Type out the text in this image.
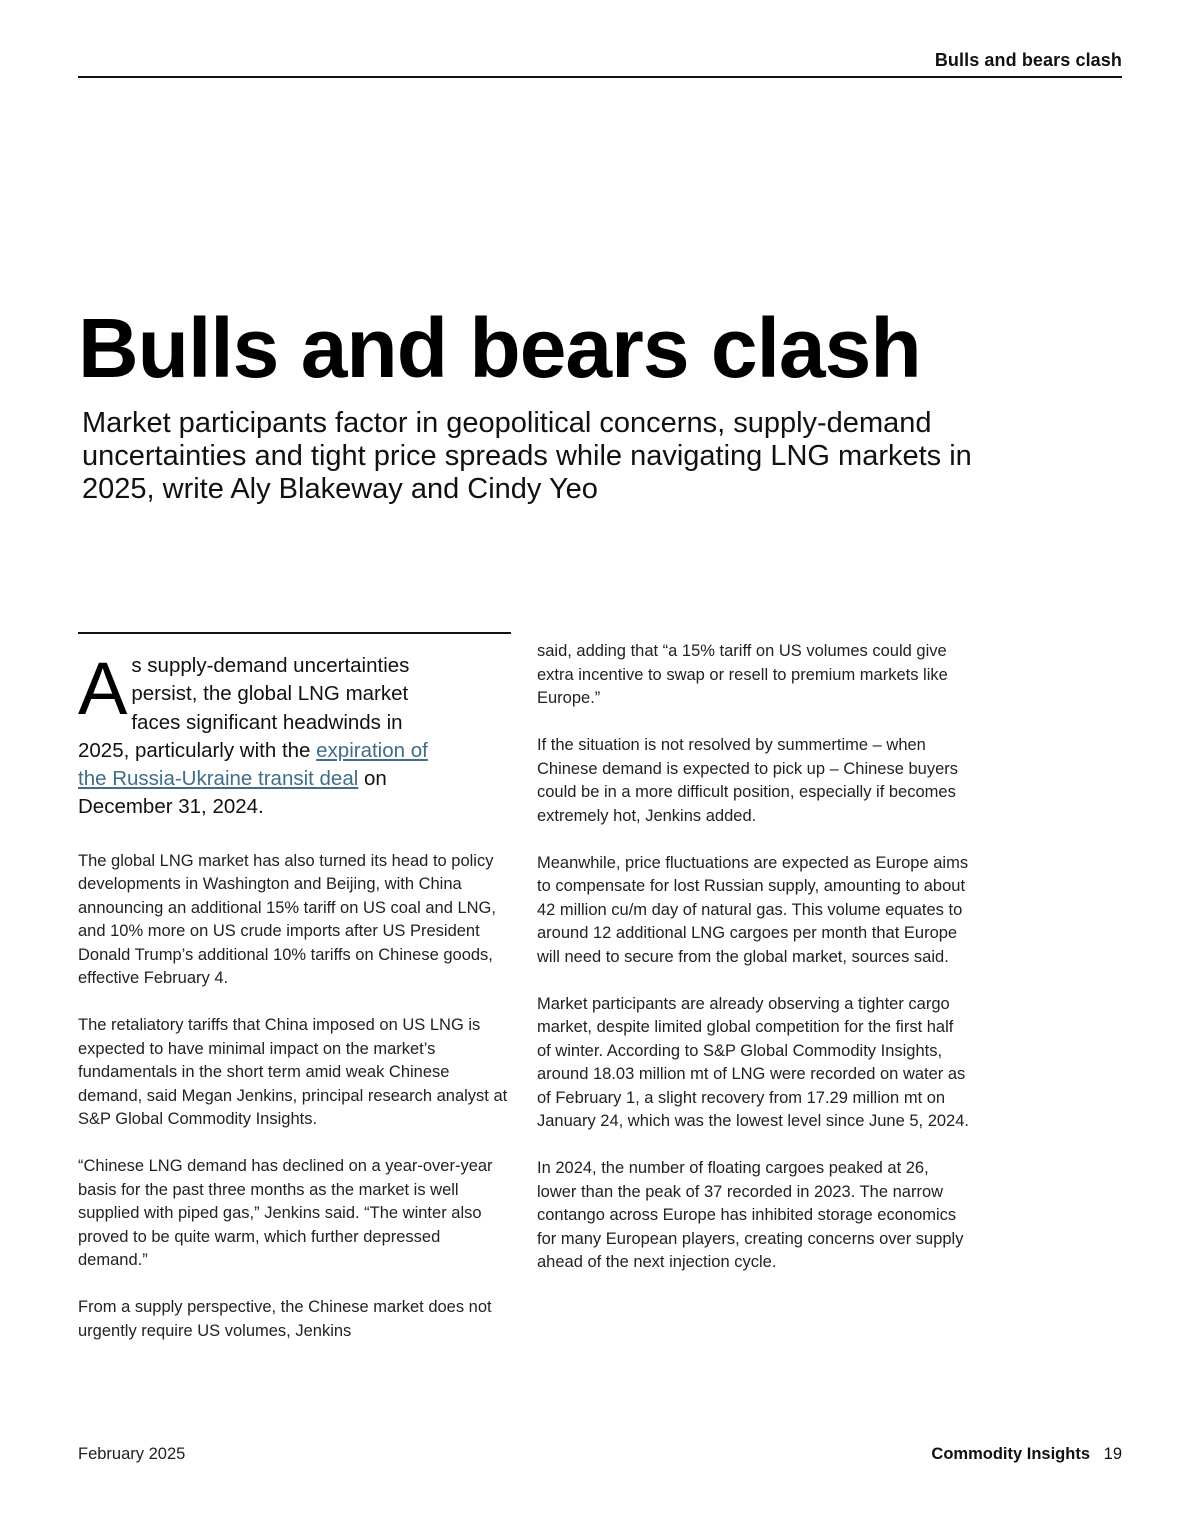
Bulls and bears clash
Bulls and bears clash

Market participants factor in geopolitical concerns, supply-demand uncertainties and tight price spreads while navigating LNG markets in 2025, write Aly Blakeway and Cindy Yeo

As supply-demand uncertainties persist, the global LNG market faces significant headwinds in 2025, particularly with the expiration of the Russia-Ukraine transit deal on December 31, 2024.

The global LNG market has also turned its head to policy developments in Washington and Beijing, with China announcing an additional 15% tariff on US coal and LNG, and 10% more on US crude imports after US President Donald Trump’s additional 10% tariffs on Chinese goods, effective February 4.

The retaliatory tariffs that China imposed on US LNG is expected to have minimal impact on the market’s fundamentals in the short term amid weak Chinese demand, said Megan Jenkins, principal research analyst at S&P Global Commodity Insights.

“Chinese LNG demand has declined on a year-over-year basis for the past three months as the market is well supplied with piped gas,” Jenkins said. “The winter also proved to be quite warm, which further depressed demand.”

From a supply perspective, the Chinese market does not urgently require US volumes, Jenkins

said, adding that “a 15% tariff on US volumes could give extra incentive to swap or resell to premium markets like Europe.”

If the situation is not resolved by summertime – when Chinese demand is expected to pick up – Chinese buyers could be in a more difficult position, especially if becomes extremely hot, Jenkins added.

Meanwhile, price fluctuations are expected as Europe aims to compensate for lost Russian supply, amounting to about 42 million cu/m day of natural gas. This volume equates to around 12 additional LNG cargoes per month that Europe will need to secure from the global market, sources said.

Market participants are already observing a tighter cargo market, despite limited global competition for the first half of winter. According to S&P Global Commodity Insights, around 18.03 million mt of LNG were recorded on water as of February 1, a slight recovery from 17.29 million mt on January 24, which was the lowest level since June 5, 2024.

In 2024, the number of floating cargoes peaked at 26, lower than the peak of 37 recorded in 2023. The narrow contango across Europe has inhibited storage economics for many European players, creating concerns over supply ahead of the next injection cycle.

February 2025	Commodity Insights 19
